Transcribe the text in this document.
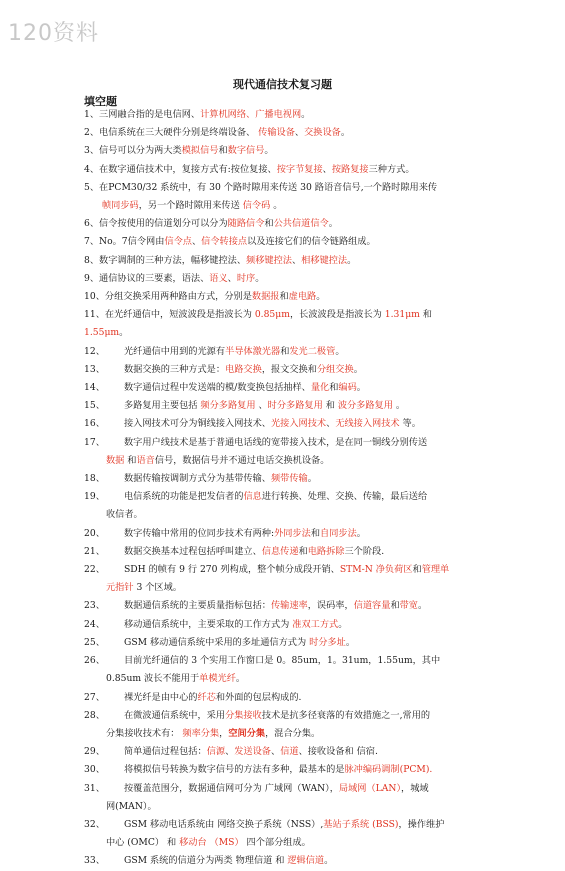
120资料
现代通信技术复习题
填空题
1、三网融合指的是电信网、计算机网络、广播电视网。
2、电信系统在三大硬件分别是终端设备、 传输设备、交换设备。
3、信号可以分为两大类模拟信号和数字信号。
4、在数字通信技术中，复接方式有:按位复接、按字节复接、按路复接三种方式。
5、在PCM30/32 系统中，有 30 个路时隙用来传送 30 路语音信号,一个路时隙用来传
帧同步码，另一个路时隙用来传送 信令码 。
6、信令按使用的信道划分可以分为随路信令和公共信道信令。
7、No。7信令网由信令点、信令转接点以及连接它们的信令链路组成。
8、数字调制的三种方法，幅移键控法、频移键控法、相移键控法。
9、通信协议的三要素，语法、语义、时序。
10、分组交换采用两种路由方式，分别是数据报和虚电路。
11、在光纤通信中，短波波段是指波长为 0.85μm，长波波段是指波长为 1.31μm 和
1.55μm。
12、 光纤通信中用到的光源有半导体激光器和发光二极管。
13、 数据交换的三种方式是：电路交换，报文交换和分组交换。
14、 数字通信过程中发送端的模/数变换包括抽样、量化和编码。
15、 多路复用主要包括 频分多路复用 、时分多路复用 和 波分多路复用 。
16、 接入网技术可分为铜线接入网技术、光接入网技术、无线接入网技术 等。
17、 数字用户线技术是基于普通电话线的宽带接入技术，是在同一铜线分别传送
数据 和语音信号，数据信号并不通过电话交换机设备。
18、 数据传输按调制方式分为基带传输、频带传输。
19、 电信系统的功能是把发信者的信息进行转换、处理、交换、传输，最后送给
收信者。
20、 数字传输中常用的位同步技术有两种:外同步法和自同步法。
21、 数据交换基本过程包括呼叫建立、信息传递和电路拆除三个阶段.
22、 SDH 的帧有 9 行 270 列构成，整个帧分成段开销、STM-N 净负荷区和管理单
元指针 3 个区域。
23、 数据通信系统的主要质量指标包括：传输速率，误码率，信道容量和带宽。
24、 移动通信系统中，主要采取的工作方式为 准双工方式。
25、 GSM 移动通信系统中采用的多址通信方式为 时分多址。
26、 目前光纤通信的 3 个实用工作窗口是 0。85um，1。31um，1.55um，其中
0.85um 波长不能用于单模光纤。
27、 裸光纤是由中心的纤芯和外面的包层构成的.
28、 在微波通信系统中，采用分集接收技术是抗多径衰落的有效措施之一,常用的
分集接收技术有： 频率分集，空间分集，混合分集。
29、 简单通信过程包括：信源、发送设备、信道、接收设备和 信宿.
30、 将模拟信号转换为数字信号的方法有多种，最基本的是脉冲编码调制(PCM).
31、 按覆盖范围分，数据通信网可分为 广域网（WAN），局域网（LAN），城域
网(MAN）。
32、 GSM 移动电话系统由 网络交换子系统（NSS）,基站子系统 (BSS)，操作维护
中心 (OMC） 和 移动台 （MS） 四个部分组成。
33、 GSM 系统的信道分为两类 物理信道 和 逻辑信道。
